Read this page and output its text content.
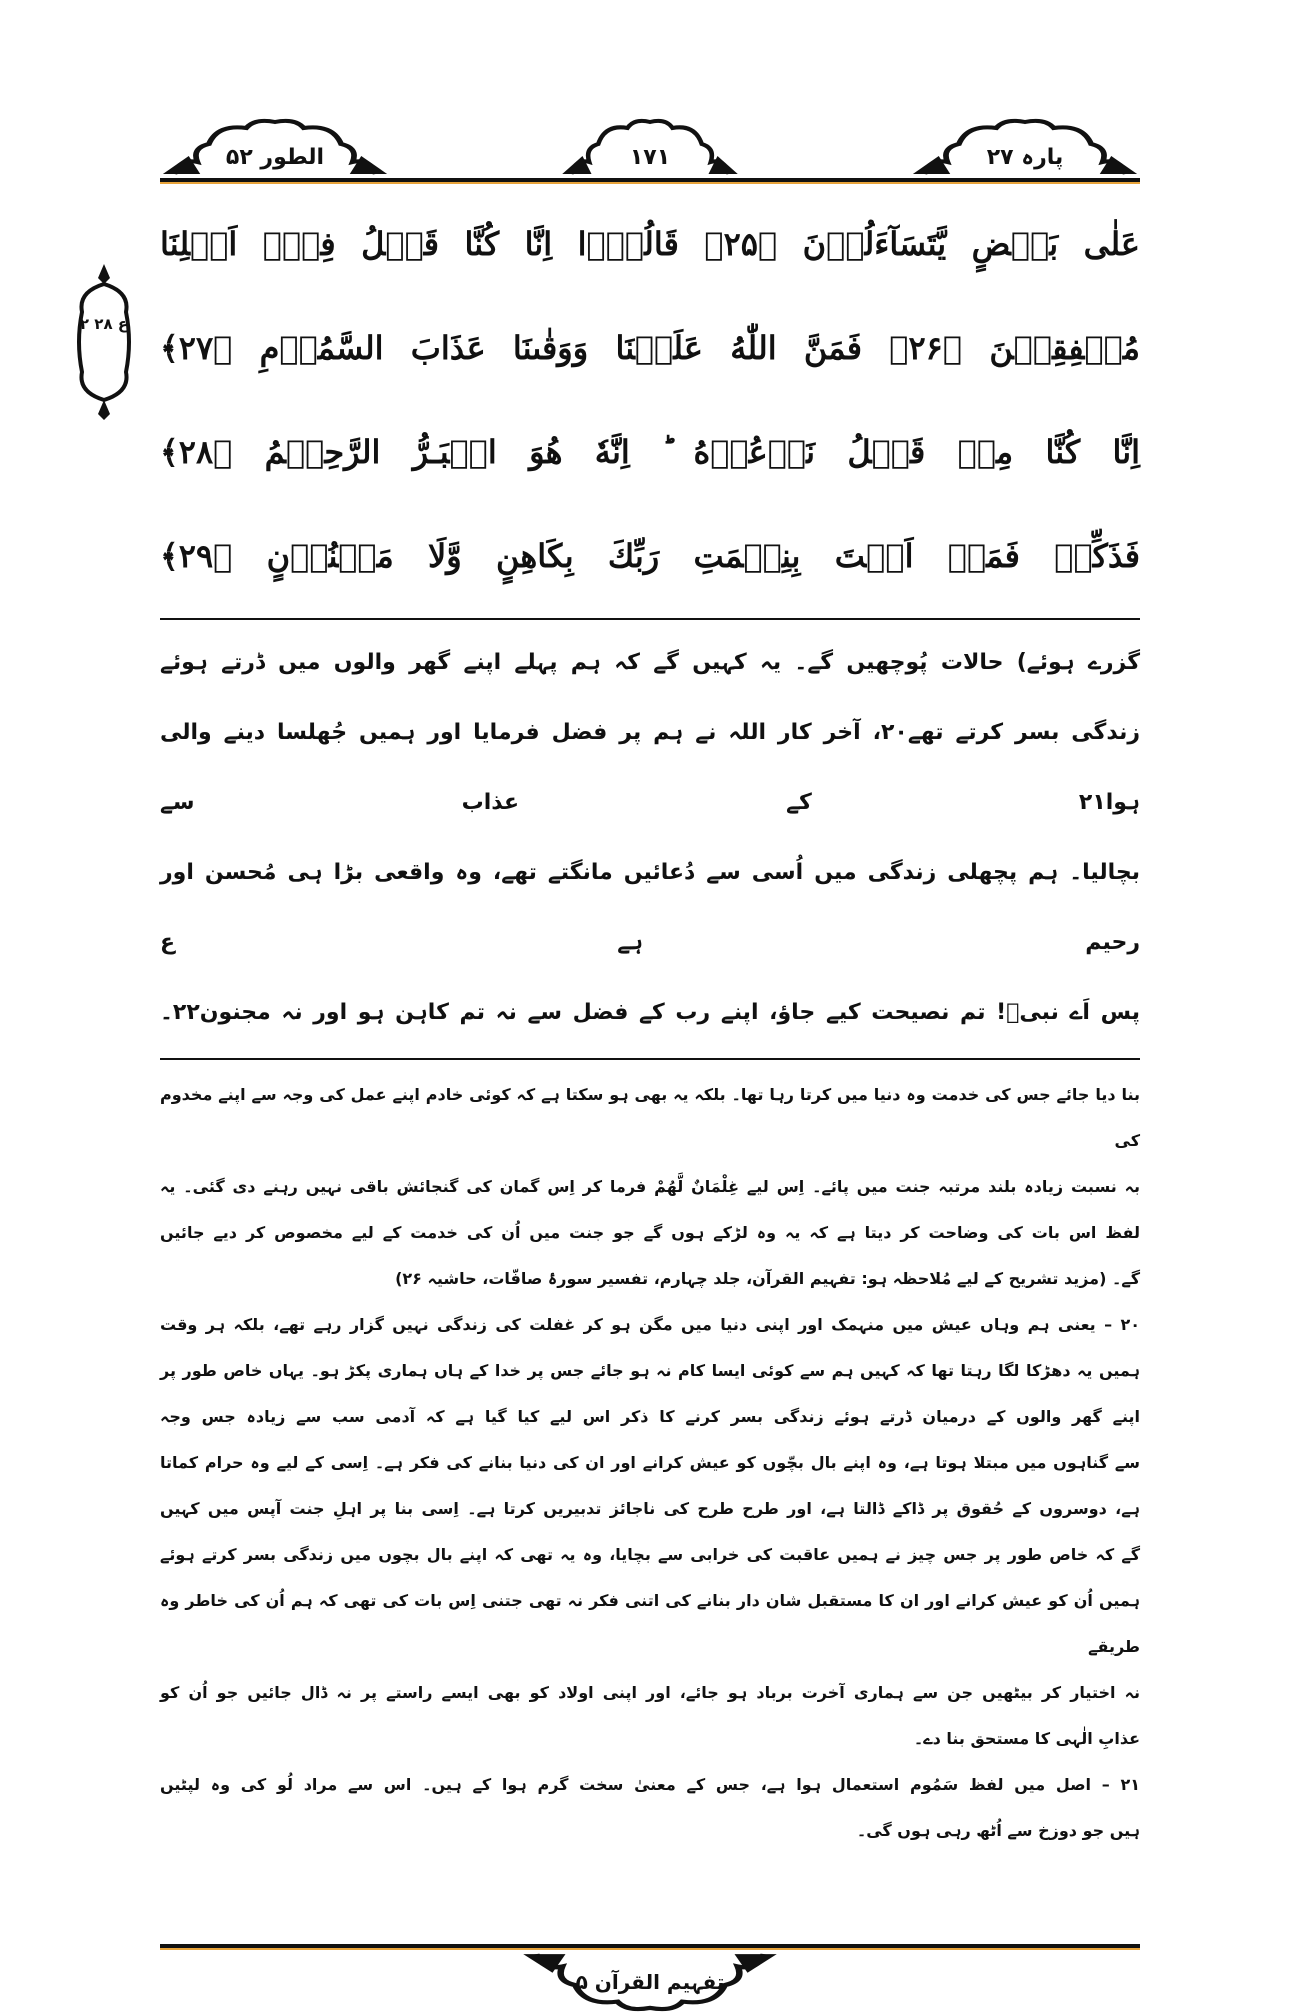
الطور ۵۲	۱۷۱	پارہ ۲۷
ع ۲۸ ۲
عَلٰى بَعۡضٍ يَّتَسَآءَلُوۡنَ ﴿۲۵﴾ قَالُوۡۤا اِنَّا كُنَّا قَبۡلُ فِىۡۤ اَهۡلِنَا
مُشۡفِقِيۡنَ ﴿۲۶﴾ فَمَنَّ اللّٰهُ عَلَيۡنَا وَوَقٰٮنَا عَذَابَ السَّمُوۡمِ ﴿۲۷﴾
اِنَّا كُنَّا مِنۡ قَبۡلُ نَدۡعُوۡهُ ؕ اِنَّهٗ هُوَ الۡبَـرُّ الرَّحِيۡمُ ﴿۲۸﴾
فَذَكِّرۡ فَمَاۤ اَنۡتَ بِنِعۡمَتِ رَبِّكَ بِكَاهِنٍ وَّلَا مَجۡنُوۡنٍ ﴿۲۹﴾
گزرے ہوئے) حالات پُوچھیں گے۔ یہ کہیں گے کہ ہم پہلے اپنے گھر والوں میں ڈرتے ہوئے
زندگی بسر کرتے تھے۲۰، آخر کار اللہ نے ہم پر فضل فرمایا اور ہمیں جُھلسا دینے والی ہوا۲۱ کے عذاب سے
بچالیا۔ ہم پچھلی زندگی میں اُسی سے دُعائیں مانگتے تھے، وہ واقعی بڑا ہی مُحسن اور رحیم ہے ع
پس اَے نبیؐ! تم نصیحت کیے جاؤ، اپنے رب کے فضل سے نہ تم کاہن ہو اور نہ مجنون۲۲۔
بنا دیا جائے جس کی خدمت وہ دنیا میں کرتا رہا تھا۔ بلکہ یہ بھی ہو سکتا ہے کہ کوئی خادم اپنے عمل کی وجہ سے اپنے مخدوم کی
بہ نسبت زیادہ بلند مرتبہ جنت میں پائے۔ اِس لیے غِلْمَانٌ لَّهُمْ فرما کر اِس گمان کی گنجائش باقی نہیں رہنے دی گئی۔ یہ
لفظ اس بات کی وضاحت کر دیتا ہے کہ یہ وہ لڑکے ہوں گے جو جنت میں اُن کی خدمت کے لیے مخصوص کر دیے جائیں
گے۔ (مزید تشریح کے لیے مُلاحظہ ہو: تفہیم القرآن، جلد چہارم، تفسیر سورۂ صافّات، حاشیہ ۲۶)
۲۰ – یعنی ہم وہاں عیش میں منہمک اور اپنی دنیا میں مگن ہو کر غفلت کی زندگی نہیں گزار رہے تھے، بلکہ ہر وقت
ہمیں یہ دھڑکا لگا رہتا تھا کہ کہیں ہم سے کوئی ایسا کام نہ ہو جائے جس پر خدا کے ہاں ہماری پکڑ ہو۔ یہاں خاص طور پر
اپنے گھر والوں کے درمیان ڈرتے ہوئے زندگی بسر کرنے کا ذکر اس لیے کیا گیا ہے کہ آدمی سب سے زیادہ جس وجہ
سے گناہوں میں مبتلا ہوتا ہے، وہ اپنے بال بچّوں کو عیش کرانے اور ان کی دنیا بنانے کی فکر ہے۔ اِسی کے لیے وہ حرام کماتا
ہے، دوسروں کے حُقوق پر ڈاکے ڈالتا ہے، اور طرح طرح کی ناجائز تدبیریں کرتا ہے۔ اِسی بنا پر اہلِ جنت آپس میں کہیں
گے کہ خاص طور پر جس چیز نے ہمیں عاقبت کی خرابی سے بچایا، وہ یہ تھی کہ اپنے بال بچوں میں زندگی بسر کرتے ہوئے
ہمیں اُن کو عیش کرانے اور ان کا مستقبل شان دار بنانے کی اتنی فکر نہ تھی جتنی اِس بات کی تھی کہ ہم اُن کی خاطر وہ طریقے
نہ اختیار کر بیٹھیں جن سے ہماری آخرت برباد ہو جائے، اور اپنی اولاد کو بھی ایسے راستے پر نہ ڈال جائیں جو اُن کو
عذابِ الٰہی کا مستحق بنا دے۔
۲۱ – اصل میں لفظ سَمُوم استعمال ہوا ہے، جس کے معنیٰ سخت گرم ہوا کے ہیں۔ اس سے مراد لُو کی وہ لپٹیں
ہیں جو دوزخ سے اُٹھ رہی ہوں گی۔
تفہیم القرآن ۵
